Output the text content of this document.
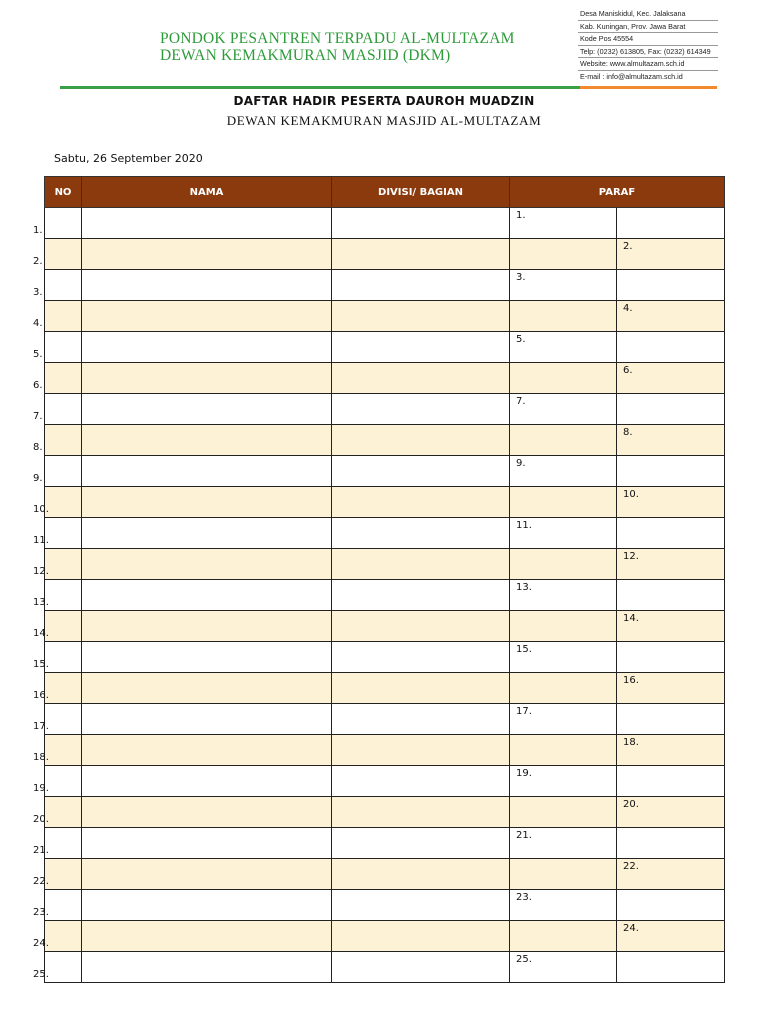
PONDOK PESANTREN TERPADU AL-MULTAZAM
DEWAN KEMAKMURAN MASJID (DKM)
Desa Maniskidul, Kec. Jalaksana
Kab. Kuningan, Prov. Jawa Barat
Kode Pos 45554
Telp: (0232) 613805, Fax: (0232) 614349
Website: www.almultazam.sch.id
E-mail : info@almultazam.sch.id
DAFTAR HADIR PESERTA DAUROH MUADZIN
DEWAN KEMAKMURAN MASJID AL-MULTAZAM
Sabtu, 26 September 2020
NO	NAMA	DIVISI/ BAGIAN	PARAF	

1.			1.	

2.				2.

3.			3.	

4.				4.

5.			5.	

6.				6.

7.			7.	

8.				8.

9.			9.	

10.				10.

11.			11.	

12.				12.

13.			13.	

14.				14.

15.			15.	

16.				16.

17.			17.	

18.				18.

19.			19.	

20.				20.

21.			21.	

22.				22.

23.			23.	

24.				24.

25.			25.	
